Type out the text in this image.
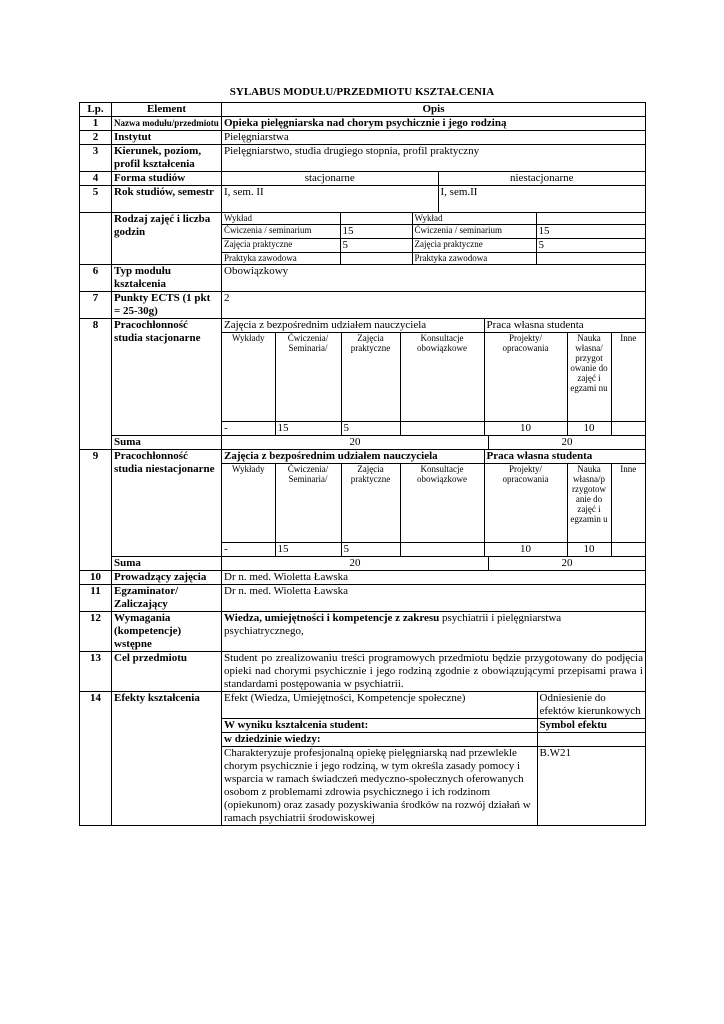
SYLABUS MODUŁU/PRZEDMIOTU KSZTAŁCENIA
Lp.	Element	Opis
1	Nazwa modułu/przedmiotu	Opieka pielęgniarska nad chorym psychicznie i jego rodziną
2	Instytut	Pielęgniarstwa
3	Kierunek, poziom, profil kształcenia	Pielęgniarstwo, studia drugiego stopnia, profil praktyczny
4	Forma studiów		stacjonarne	niestacjonarne

5	Rok studiów, semestr	I, sem. II	I, sem.II

	Rodzaj zajęć i liczba godzin	
Wykład		Wykład	
Ćwiczenia / seminarium	15	Ćwiczenia / seminarium	15
Zajęcia praktyczne	5	Zajęcia praktyczne	5
Praktyka zawodowa		Praktyka zawodowa	

6	Typ modułu kształcenia	Obowiązkowy
7	Punkty ECTS (1 pkt = 25-30g)	2
8	Pracochłonność studia stacjonarne	
Zajęcia z bezpośrednim udziałem nauczyciela	Praca własna studenta
Wykłady	Ćwiczenia/ Seminaria/	Zajęcia praktyczne	Konsultacje obowiązkowe	Projekty/ opracowania	Nauka własna/ przygot owanie do zajęć i egzami nu	Inne
-	15	5		10	10	

Suma		20	20

9	Pracochłonność studia niestacjonarne	
Zajęcia z bezpośrednim udziałem nauczyciela	Praca własna studenta
Wykłady	Ćwiczenia/ Seminaria/	Zajęcia praktyczne	Konsultacje obowiązkowe	Projekty/ opracowania	Nauka własna/p rzygotow anie do zajęć i egzamin u	Inne
-	15	5		10	10	

Suma		20	20

10	Prowadzący zajęcia	Dr n. med. Wioletta Ławska
11	Egzaminator/ Zaliczający	Dr n. med. Wioletta Ławska
12	Wymagania (kompetencje) wstępne	Wiedza, umiejętności i kompetencje z zakresu psychiatrii i pielęgniarstwa psychiatrycznego,
13	Cel przedmiotu	Student po zrealizowaniu treści programowych przedmiotu będzie przygotowany do podjęcia opieki nad chorymi psychicznie i jego rodziną zgodnie z obowiązującymi przepisami prawa i standardami postępowania w psychiatrii.
14	Efekty kształcenia	Efekt (Wiedza, Umiejętności, Kompetencje społeczne)	Odniesienie do efektów kierunkowych
W wyniku kształcenia student:	Symbol efektu
w dziedzinie wiedzy:	
Charakteryzuje profesjonalną opiekę pielęgniarską nad przewlekle chorym psychicznie i jego rodziną, w tym określa zasady pomocy i wsparcia w ramach świadczeń medyczno-społecznych oferowanych osobom z problemami zdrowia psychicznego i ich rodzinom (opiekunom) oraz zasady pozyskiwania środków na rozwój działań w ramach psychiatrii środowiskowej	B.W21
